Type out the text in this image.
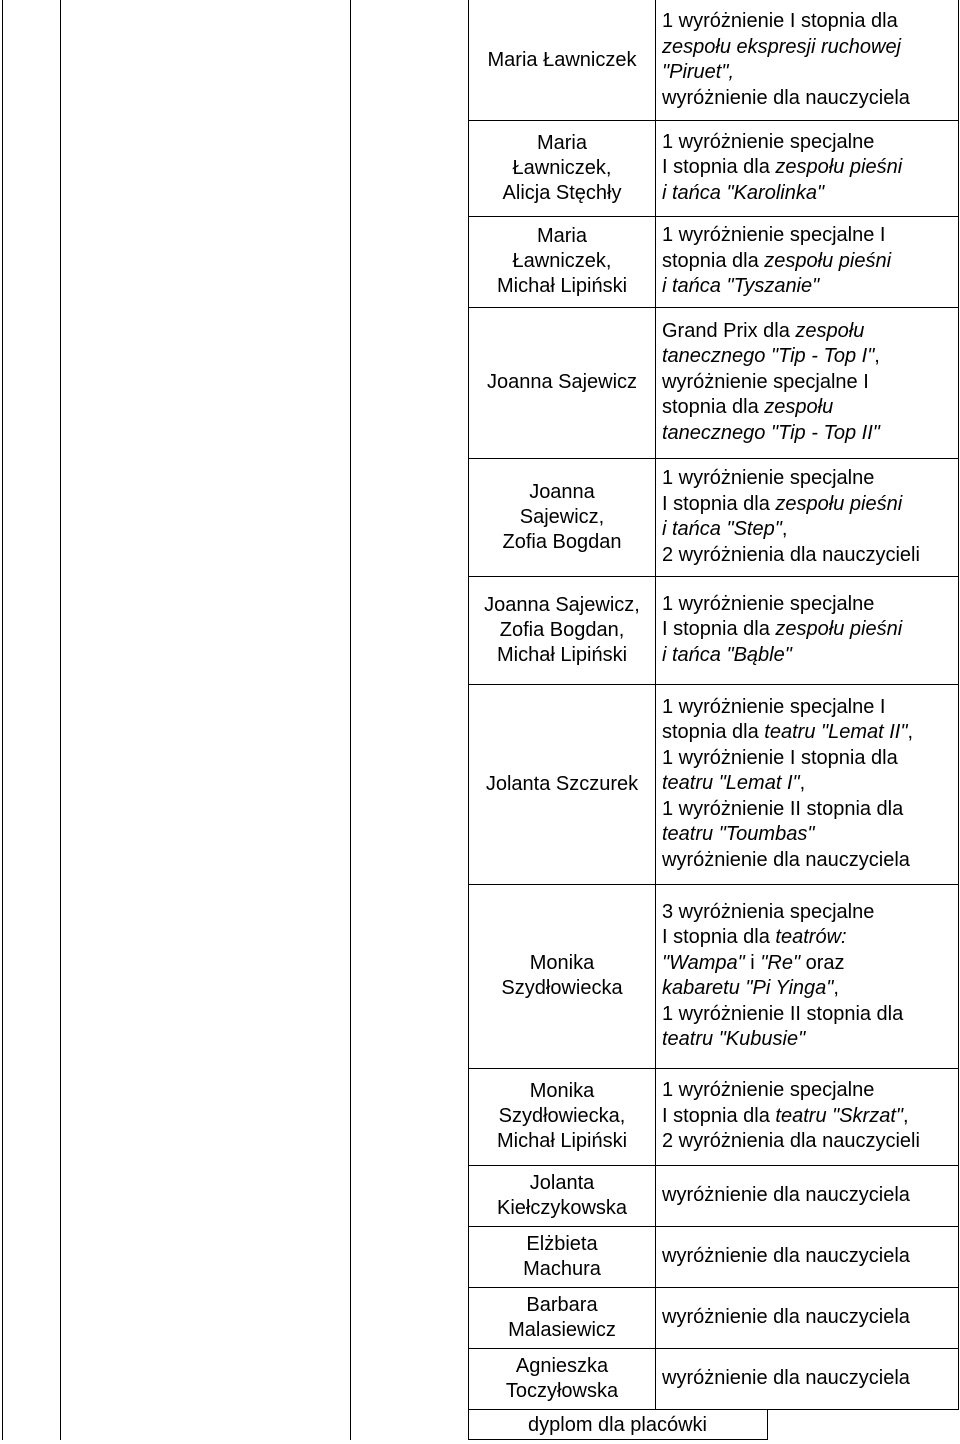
Maria Ławniczek
1 wyróżnienie I stopnia dla
zespołu ekspresji ruchowej
"Piruet",
wyróżnienie dla nauczyciela
Maria Ławniczek, Alicja Stęchły
1 wyróżnienie specjalne
I stopnia dla zespołu pieśni
i tańca "Karolinka"
Maria Ławniczek, Michał Lipiński
1 wyróżnienie specjalne I
stopnia dla zespołu pieśni
i tańca "Tyszanie"
Joanna Sajewicz
Grand Prix dla zespołu
tanecznego "Tip - Top I",
wyróżnienie specjalne I
stopnia dla zespołu
tanecznego "Tip - Top II"
Joanna Sajewicz, Zofia Bogdan
1 wyróżnienie specjalne
I stopnia dla zespołu pieśni
i tańca "Step",
2 wyróżnienia dla nauczycieli
Joanna Sajewicz, Zofia Bogdan, Michał Lipiński
1 wyróżnienie specjalne
I stopnia dla zespołu pieśni
i tańca "Bąble"
Jolanta Szczurek
1 wyróżnienie specjalne I
stopnia dla teatru "Lemat II",
1 wyróżnienie I stopnia dla
teatru "Lemat I",
1 wyróżnienie II stopnia dla
teatru "Toumbas"
wyróżnienie dla nauczyciela
Monika Szydłowiecka
3 wyróżnienia specjalne
I stopnia dla teatrów:
"Wampa" i "Re" oraz
kabaretu "Pi Yinga",
1 wyróżnienie II stopnia dla
teatru "Kubusie"
Monika Szydłowiecka, Michał Lipiński
1 wyróżnienie specjalne
I stopnia dla teatru "Skrzat",
2 wyróżnienia dla nauczycieli
Jolanta Kiełczykowska
wyróżnienie dla nauczyciela
Elżbieta Machura
wyróżnienie dla nauczyciela
Barbara Malasiewicz
wyróżnienie dla nauczyciela
Agnieszka Toczyłowska
wyróżnienie dla nauczyciela
dyplom dla placówki
